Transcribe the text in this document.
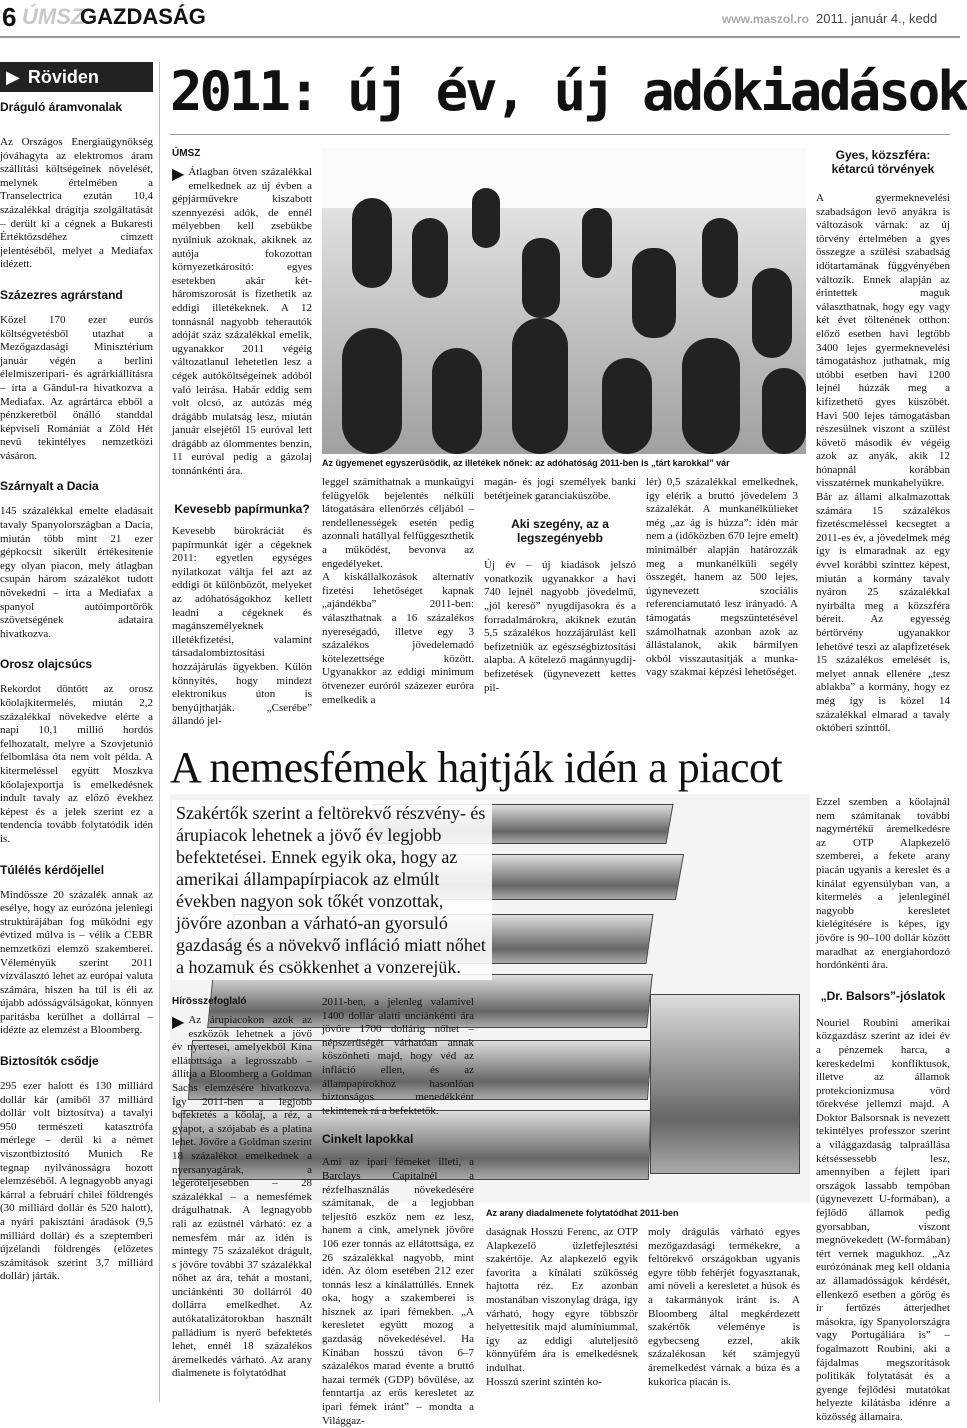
6 ÚMSZ
GAZDASÁG	www.maszol.ro 2011. január 4., kedd
▶ Röviden
Dráguló áramvonalak
Az Országos Energiaügynökség jóváhagyta az elektromos áram szállítási költségeinek növelését, melynek értelmében a Transelectrica ezután 10,4 százalékkal drágítja szolgáltatását – derült ki a cégnek a Bukaresti Értéktőzsdéhez címzett jelentéséből, melyet a Mediafax idézett.
Százezres agrárstand
Közel 170 ezer eurós költségvetésből utazhat a Mezőgazdasági Minisztérium január végén a berlini élelmiszeripari- és agrárkiállításra – írta a Gândul-ra hivatkozva a Mediafax. Az agrártárca ebből a pénzkeretből önálló standdal képviseli Romániát a Zöld Hét nevű tekintélyes nemzetközi vásáron.
Szárnyalt a Dacia
145 százalékkal emelte eladásait tavaly Spanyolországban a Dacia, miután több mint 21 ezer gépkocsit sikerült értékesítenie egy olyan piacon, mely átlagban csupán három százalékot tudott növekedni – írta a Mediafax a spanyol autóimportőrök szövetségének adataira hivatkozva.
Orosz olajcsúcs
Rekordot döntött az orosz kőolajkitermelés, miután 2,2 százalékkal növekedve elérte a napi 10,1 millió hordós felhozatalt, melyre a Szovjetunió felbomlása óta nem volt példa. A kitermeléssel együtt Moszkva kőolajexportja is emelkedésnek indult tavaly az előző évekhez képest és a jelek szerint ez a tendencia tovább folytatódik idén is.
Túlélés kérdőjellel
Mindössze 20 százalék annak az esélye, hogy az eurózóna jelenlegi struktúrájában fog működni egy évtized múlva is – vélik a CEBR nemzetközi elemző szakemberei. Véleményük szerint 2011 vízválasztó lehet az európai valuta számára, hiszen ha túl is éli az újabb adósságválságokat, könnyen paritásba kerülhet a dollárral – idézte az elemzést a Bloomberg.
Biztosítók csődje
295 ezer halott és 130 milliárd dollár kár (amiből 37 milliárd dollár volt biztosítva) a tavalyi 950 természeti katasztrófa mérlege – derül ki a német viszontbiztosító Munich Re tegnap nyilvánosságra hozott elemzéséből. A legnagyobb anyagi kárral a februári chilei földrengés (30 milliárd dollár és 520 halott), a nyári pakisztáni áradások (9,5 milliárd dollár) és a szeptemberi újzélandi földrengés (előzetes számítások szerint 3,7 milliárd dollár) járták.
2011: új év, új adókiadások
ÚMSZ
▶ Átlagban ötven százalékkal emelkednek az új évben a gépjárművekre kiszabott szennyezési adók, de ennél mélyebben kell zsebükbe nyúlniuk azoknak, akiknek az autója fokozottan környezetkárosító: egyes esetekben akár két-háromszorosát is fizethetik az eddigi illetékeknek. A 12 tonnásnál nagyobb teherautók adóját száz százalékkal emelik, ugyanakkor 2011 végéig változatlanul lehetetlen lesz a cégek autóköltségeinek adóból való leírása. Habár eddig sem volt olcsó, az autózás még drágább mulatság lesz, miután január elsejétől 15 euróval lett drágább az ólommentes benzin, 11 euróval pedig a gázolaj tonnánkénti ára.
Kevesebb papírmunka?
Kevesebb bürokráciát és papírmunkát ígér a cégeknek 2011: egyetlen egységes nyilatkozat váltja fel azt az eddigi öt különbözőt, melyeket az adóhatóságokhoz kellett leadni a cégeknek és magánszemélyeknek illetékfizetési, valamint társadalombiztosítási hozzájárulás ügyekben. Külön könnyítés, hogy mindezt elektronikus úton is benyújthatják. „Cserébe” állandó jel-
Az ügyemenet egyszerűsödik, az illetékek nőnek: az adóhatóság 2011-ben is „tárt karokkal” vár
leggel számíthatnak a munkaügyi felügyelők bejelentés nélküli látogatására ellenőrzés céljából – rendellenességek esetén pedig azonnali hatállyal felfüggeszthetik a működést, bevonva az engedélyeket.
A kiskállalkozások alternatív fizetési lehetőséget kapnak „ajándékba” 2011-ben: választhatnak a 16 százalékos nyereségadó, illetve egy 3 százalékos jövedelemadó kötelezettsége között. Ugyanakkor az eddigi minimum ötvenezer euróról százezer euróra emelkedik a
magán- és jogi személyek banki betétjeinek garanciaküszöbe.
Aki szegény, az a legszegényebb
Új év – új kiadások jelszó vonatkozik ugyanakkor a havi 740 lejnél nagyobb jövedelmű, „jól kereső” nyugdíjasokra és a forradalmárokra, akiknek ezután 5,5 százalékos hozzájárulást kell befizetniük az egészségbiztosítási alapba. A kötelező magánnyugdíj-befizetések (ügynevezett kettes pil-
lér) 0,5 százalékkal emelkednek, így elérik a bruttó jövedelem 3 százalékát. A munkanélkülieket még „az ág is húzza”: idén már nem a (időközben 670 lejre emelt) minimálbér alapján határozzák meg a munkanélküli segély összegét, hanem az 500 lejes, úgynevezett szociális referenciamutató lesz irányadó. A támogatás megszüntetésével számolhatnak azonban azok az állástalanok, akik bármilyen okból visszautasítják a munka- vagy szakmai képzési lehetőséget.
Gyes, közszféra: kétarcú törvények
A gyermeknevelési szabadságon levő anyákra is változások várnak: az új törvény értelmében a gyes összegze a szülési szabadság időtartamának függvényében változik. Ennek alapján az érintettek maguk választhatnak, hogy egy vagy két évet töltenének otthon: előző esetben havi legtöbb 3400 lejes gyermeknevelési támogatáshoz juthatnak, míg utóbbi esetben havi 1200 lejnél húzzák meg a kifizethető gyes küszöbét. Havi 500 lejes támogatásban részesülnek viszont a szülést követő második év végéig azok az anyák, akik 12 hónapnál korábban visszatérnek munkahelyükre.
Bár az állami alkalmazottak számára 15 százalékos fizetéscmeléssel kecsegtet a 2011-es év, a jövedelmek még így is elmaradnak az egy évvel korábbi szinttez képest, miután a kormány tavaly nyáron 25 százalékkal nyirbálta meg a közszféra béreit. Az egyesség bértörvény ugyanakkor lehetővé teszi az alapfizetések 15 százalékos emelését is, melyet annak ellenére „tesz ablakba” a kormány, hogy ez még így is közel 14 százalékkal elmarad a tavaly októberi szinttől.
A nemesfémek hajtják idén a piacot
Szakértők szerint a feltörekvő részvény- és árupiacok lehetnek a jövő év legjobb befektetései. Ennek egyik oka, hogy az amerikai állampapírpiacok az elmúlt években nagyon sok tőkét vonzottak, jövőre azonban a várható-an gyorsuló gazdaság és a növekvő infláció miatt nőhet a hozamuk és csökkenhet a vonzerejük.
Hírösszefoglaló
▶ Az árupiacokon azok az eszközök lehetnek a jövő év nyertesei, amelyekből Kína ellátottsága a legrosszabb – állítja a Bloomberg a Goldman Sachs elemzésére hivatkozva. Így 2011-ben a legjobb befektetés a kőolaj, a réz, a gyapot, a szójabab és a platina lehet. Jövőre a Goldman szerint 18 százalékot emelkednek a nyersanyagárak, a legerőteljesebben – 28 százalékkal – a nemesfémek drágulhatnak. A legnagyobb rali az ezüstnél várható: ez a nemesfém már az idén is mintegy 75 százalékot drágult, s jövőre további 37 százalékkal nőhet az ára, tehát a mostani, unciánkénti 30 dollárról 40 dollárra emelkedhet. Az autókatalizátorokban használt palládium is nyerő befektetés lehet, ennél 18 százalékos áremelkedés várható. Az arany dialmenete is folytatódhat
2011-ben, a jelenleg valamivel 1400 dollár alatti unciánkénti ára jövőre 1700 dollárig nőhet – népszerűségét várhatóan annak köszönheti majd, hogy véd az infláció ellen, és az állampapírokhoz hasonlóan biztonságos menedékként tekintenek rá a befektetők.
Cinkelt lapokkal
Ami az ipari fémeket illeti, a Barclays Capitalnél a rézfelhasználás növekedésére számítanak, de a legjobban teljesítő eszköz nem ez lesz, hanem a cink, amelynek jövőre 106 ezer tonnás az ellátottsága, ez 26 százalékkal nagyobb, mint idén. Az ólom esetében 212 ezer tonnás lesz a kínálattúllés. Ennek oka, hogy a szakemberei is hisznek az ipari fémekben. „A keresletet együtt mozog a gazdaság növekedésével. Ha Kínában hosszú távon 6–7 százalékos marad évente a bruttó hazai termék (GDP) bővülése, az fenntartja az erős keresletet az ipari fémek iránt” – mondta a Világgaz-
Az arany diadalmenete folytatódhat 2011-ben
daságnak Hosszú Ferenc, az OTP Alapkezelő üzletfejlesztési szakértője. Az alapkezelő egyik favorita a kínálati szűkösség hajtotta réz. Ez azonban mostanában viszonylag drága, így várható, hogy egyre többször helyettesítik majd alumíniummal, így az eddigi aluteljesítő könnyűfém ára is emelkedésnek indulhat.
Hosszú szerint szintén ko-
moly drágulás várható egyes mezőgazdasági termékekre, a feltörekvő országokban ugyanis egyre több fehérjét fogyasztanak, ami növeli a keresletet a húsok és a takarmányok iránt is. A Bloomberg által megkérdezett szakértők véleménye is egybecseng ezzel, akik százalékosan két számjegyű áremelkedést várnak a búza és a kukorica piacán is.
Ezzel szemben a kőolajnál nem számítanak további nagymértékű áremelkedésre az OTP Alapkezelő szemberei, a fekete arany piacán ugyanis a kereslet és a kínálat egyensúlyban van, a kitermelés a jelenleginél nagyobb keresletet kielégítésére is képes, így jövőre is 90–100 dollár között maradhat az energiahordozó hordónkénti ára.
„Dr. Balsors”-jóslatok
Nouriel Roubini amerikai közgazdász szerint az idei év a pénzemek harca, a kereskedelmi konfliktusok, illetve az államok protekcionizmusa vörd tőrekvése jellemzi majd. A Doktor Balsorsnak is nevezett tekintélyes professzor szerint a világgazdaság talpraállása kétséssessebb lesz, amennyiben a fejlett ipari országok lassabb tempóban (úgynevezett U-formában), a fejlődő államok pedig gyorsabban, viszont megnövekedett (W-formában) tért vernek magukhoz. „Az eurózónának meg kell oldania az államadósságok kérdését, ellenkező esetben a görög és ír fertőzés átterjedhet másokra, így Spanyolországra vagy Portugáliára is” – fogalmazott Roubini, aki a fájdalmas megszorítások politikák folytatását és a gyenge fejlődési mutatókat helyezte kilátásba idénre a közösség államaira.
